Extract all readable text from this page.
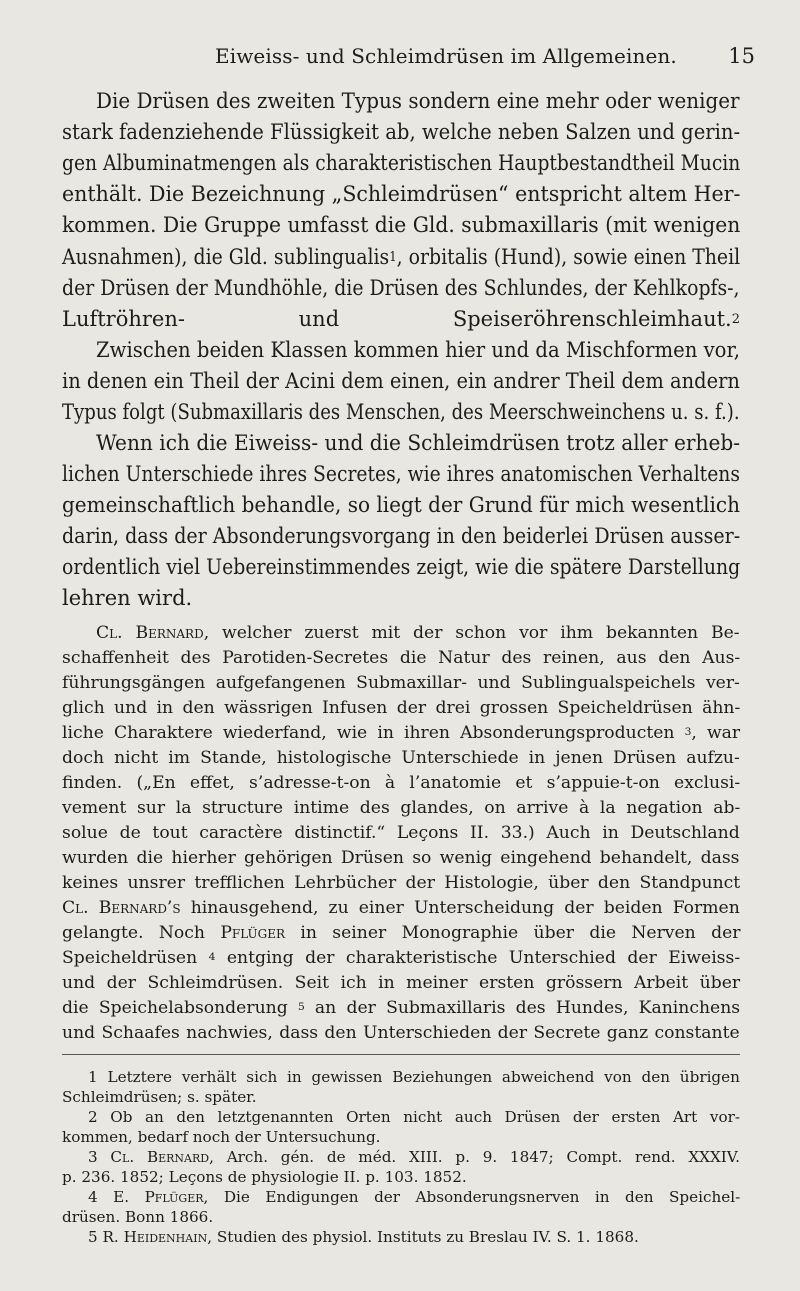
Eiweiss- und Schleimdrüsen im Allgemeinen. 15
Die Drüsen des zweiten Typus sondern eine mehr oder weniger
stark fadenziehende Flüssigkeit ab, welche neben Salzen und gerin-
gen Albuminatmengen als charakteristischen Hauptbestandtheil Mucin
enthält. Die Bezeichnung „Schleimdrüsen“ entspricht altem Her-
kommen. Die Gruppe umfasst die Gld. submaxillaris (mit wenigen
Ausnahmen), die Gld. sublingualis$^1$, orbitalis (Hund), sowie einen Theil
der Drüsen der Mundhöhle, die Drüsen des Schlundes, der Kehlkopfs-,
Luftröhren- und Speiseröhrenschleimhaut.$^2$
Zwischen beiden Klassen kommen hier und da Mischformen vor,
in denen ein Theil der Acini dem einen, ein andrer Theil dem andern
Typus folgt (Submaxillaris des Menschen, des Meerschweinchens u. s. f.).
Wenn ich die Eiweiss- und die Schleimdrüsen trotz aller erheb-
lichen Unterschiede ihres Secretes, wie ihres anatomischen Verhaltens
gemeinschaftlich behandle, so liegt der Grund für mich wesentlich
darin, dass der Absonderungsvorgang in den beiderlei Drüsen ausser-
ordentlich viel Uebereinstimmendes zeigt, wie die spätere Darstellung
lehren wird.
Cl. Bernard, welcher zuerst mit der schon vor ihm bekannten Be-
schaffenheit des Parotiden-Secretes die Natur des reinen, aus den Aus-
führungsgängen aufgefangenen Submaxillar- und Sublingualspeichels ver-
glich und in den wässrigen Infusen der drei grossen Speicheldrüsen ähn-
liche Charaktere wiederfand, wie in ihren Absonderungsproducten $^3$, war
doch nicht im Stande, histologische Unterschiede in jenen Drüsen aufzu-
finden. („En effet, s’adresse-t-on à l’anatomie et s’appuie-t-on exclusi-
vement sur la structure intime des glandes, on arrive à la negation ab-
solue de tout caractère distinctif.“ Leçons II. 33.) Auch in Deutschland
wurden die hierher gehörigen Drüsen so wenig eingehend behandelt, dass
keines unsrer trefflichen Lehrbücher der Histologie, über den Standpunct
Cl. Bernard’s hinausgehend, zu einer Unterscheidung der beiden Formen
gelangte. Noch Pflüger in seiner Monographie über die Nerven der
Speicheldrüsen $^4$ entging der charakteristische Unterschied der Eiweiss-
und der Schleimdrüsen. Seit ich in meiner ersten grössern Arbeit über
die Speichelabsonderung $^5$ an der Submaxillaris des Hundes, Kaninchens
und Schaafes nachwies, dass den Unterschieden der Secrete ganz constante
1 Letztere verhält sich in gewissen Beziehungen abweichend von den übrigen
Schleimdrüsen; s. später.
2 Ob an den letztgenannten Orten nicht auch Drüsen der ersten Art vor-
kommen, bedarf noch der Untersuchung.
3 Cl. Bernard, Arch. gén. de méd. XIII. p. 9. 1847; Compt. rend. XXXIV.
p. 236. 1852; Leçons de physiologie II. p. 103. 1852.
4 E. Pflüger, Die Endigungen der Absonderungsnerven in den Speichel-
drüsen. Bonn 1866.
5 R. Heidenhain, Studien des physiol. Instituts zu Breslau IV. S. 1. 1868.
